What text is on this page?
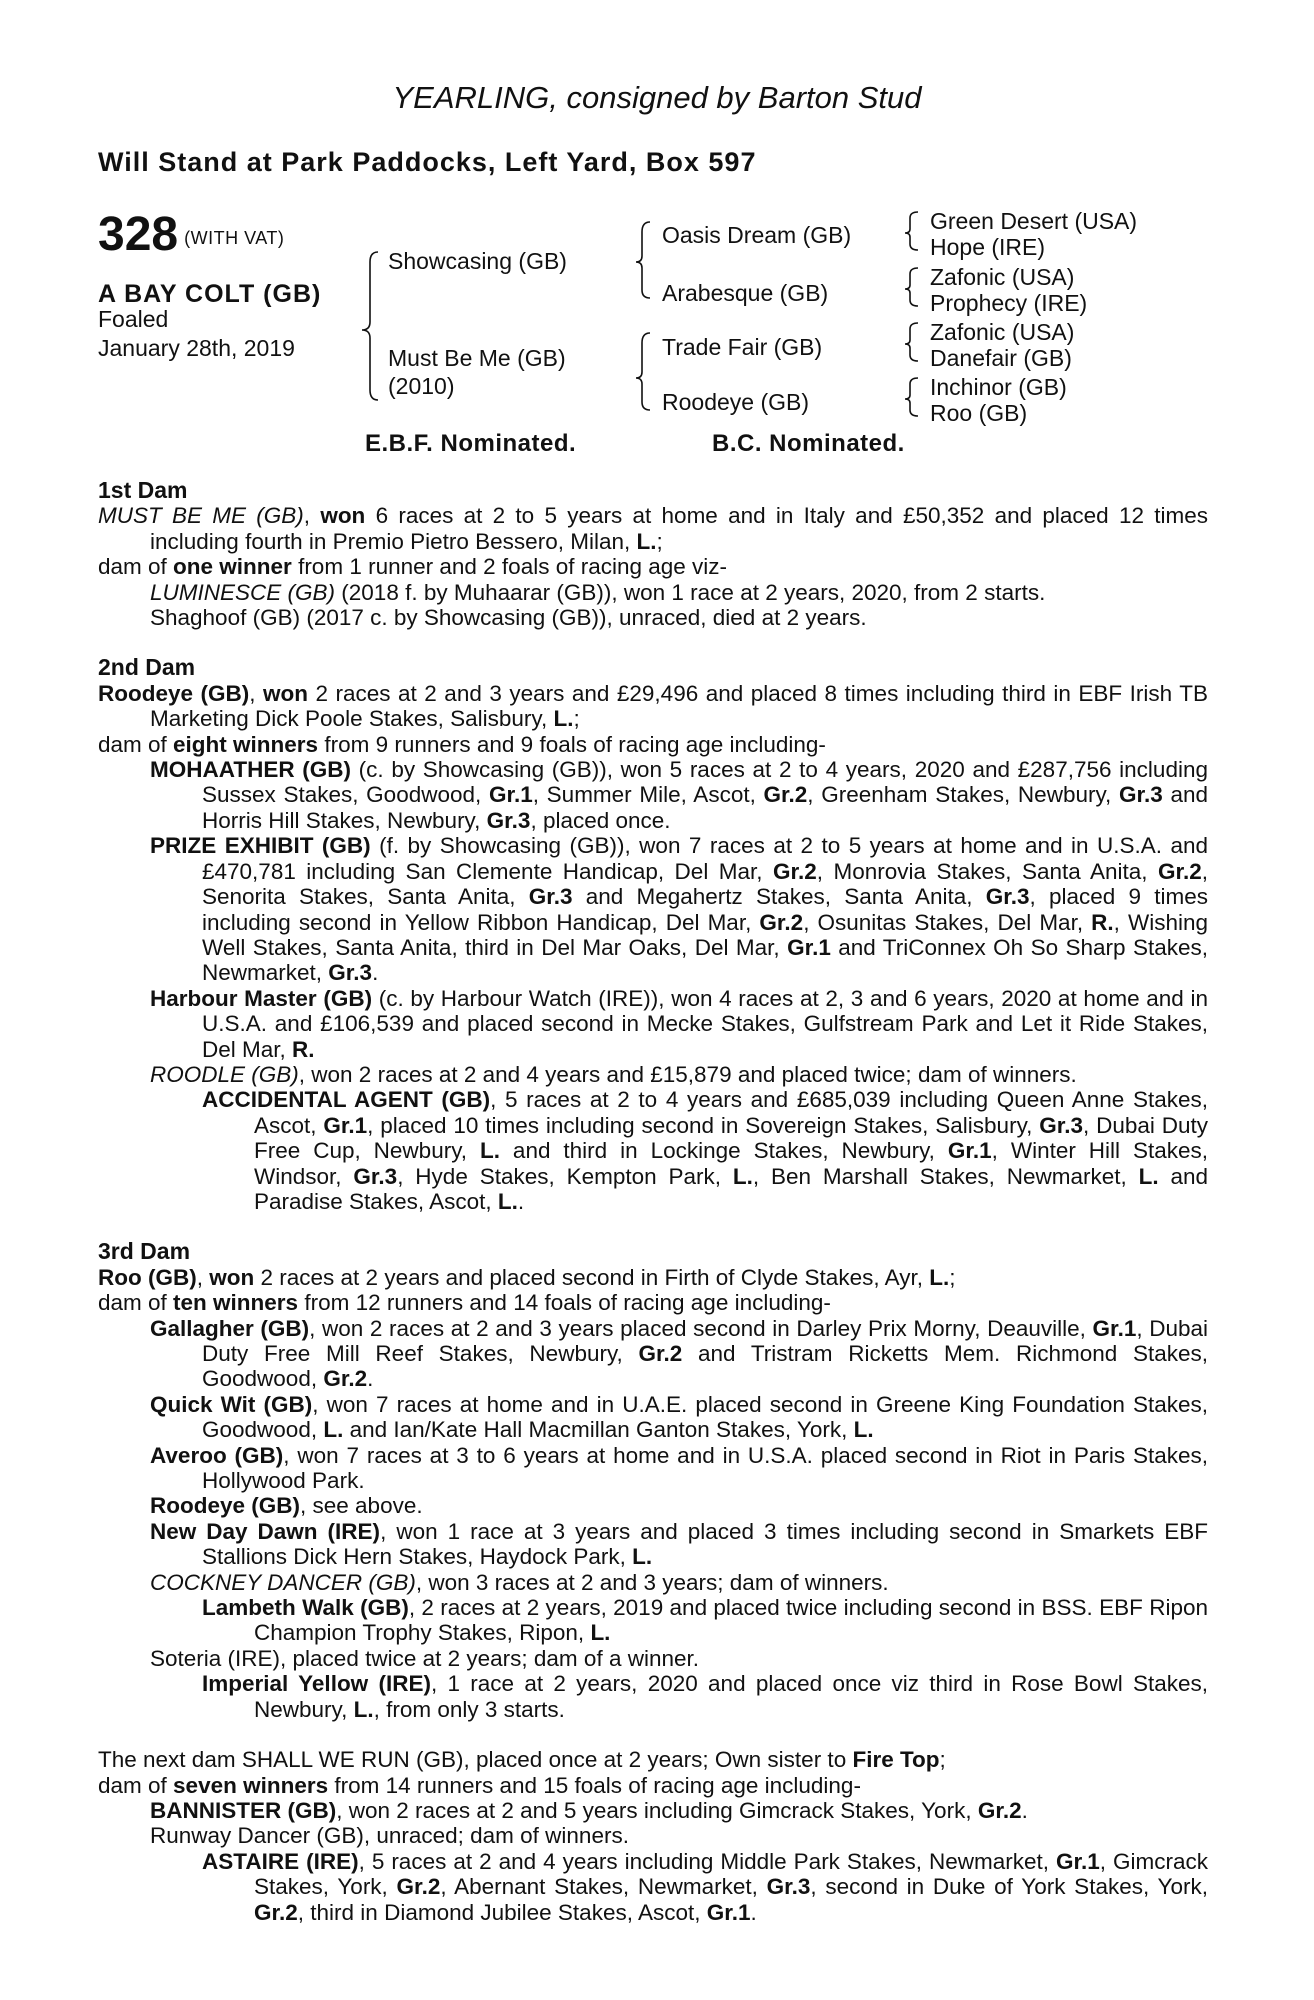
YEARLING, consigned by Barton Stud
Will Stand at Park Paddocks, Left Yard, Box 597
328 (WITH VAT)
A BAY COLT (GB)
Foaled
January 28th, 2019
Showcasing (GB)
Must Be Me (GB)
(2010)
Oasis Dream (GB)
Arabesque (GB)
Trade Fair (GB)
Roodeye (GB)
Green Desert (USA)
Hope (IRE)
Zafonic (USA)
Prophecy (IRE)
Zafonic (USA)
Danefair (GB)
Inchinor (GB)
Roo (GB)
E.B.F. Nominated.	B.C. Nominated.
1st Dam

MUST BE ME (GB), won 6 races at 2 to 5 years at home and in Italy and £50,352 and placed 12 times including fourth in Premio Pietro Bessero, Milan, L.;

dam of one winner from 1 runner and 2 foals of racing age viz-

LUMINESCE (GB) (2018 f. by Muhaarar (GB)), won 1 race at 2 years, 2020, from 2 starts.

Shaghoof (GB) (2017 c. by Showcasing (GB)), unraced, died at 2 years.

2nd Dam

Roodeye (GB), won 2 races at 2 and 3 years and £29,496 and placed 8 times including third in EBF Irish TB Marketing Dick Poole Stakes, Salisbury, L.;

dam of eight winners from 9 runners and 9 foals of racing age including-

MOHAATHER (GB) (c. by Showcasing (GB)), won 5 races at 2 to 4 years, 2020 and £287,756 including Sussex Stakes, Goodwood, Gr.1, Summer Mile, Ascot, Gr.2, Greenham Stakes, Newbury, Gr.3 and Horris Hill Stakes, Newbury, Gr.3, placed once.

PRIZE EXHIBIT (GB) (f. by Showcasing (GB)), won 7 races at 2 to 5 years at home and in U.S.A. and £470,781 including San Clemente Handicap, Del Mar, Gr.2, Monrovia Stakes, Santa Anita, Gr.2, Senorita Stakes, Santa Anita, Gr.3 and Megahertz Stakes, Santa Anita, Gr.3, placed 9 times including second in Yellow Ribbon Handicap, Del Mar, Gr.2, Osunitas Stakes, Del Mar, R., Wishing Well Stakes, Santa Anita, third in Del Mar Oaks, Del Mar, Gr.1 and TriConnex Oh So Sharp Stakes, Newmarket, Gr.3.

Harbour Master (GB) (c. by Harbour Watch (IRE)), won 4 races at 2, 3 and 6 years, 2020 at home and in U.S.A. and £106,539 and placed second in Mecke Stakes, Gulfstream Park and Let it Ride Stakes, Del Mar, R.

ROODLE (GB), won 2 races at 2 and 4 years and £15,879 and placed twice; dam of winners.

ACCIDENTAL AGENT (GB), 5 races at 2 to 4 years and £685,039 including Queen Anne Stakes, Ascot, Gr.1, placed 10 times including second in Sovereign Stakes, Salisbury, Gr.3, Dubai Duty Free Cup, Newbury, L. and third in Lockinge Stakes, Newbury, Gr.1, Winter Hill Stakes, Windsor, Gr.3, Hyde Stakes, Kempton Park, L., Ben Marshall Stakes, Newmarket, L. and Paradise Stakes, Ascot, L..

3rd Dam

Roo (GB), won 2 races at 2 years and placed second in Firth of Clyde Stakes, Ayr, L.;

dam of ten winners from 12 runners and 14 foals of racing age including-

Gallagher (GB), won 2 races at 2 and 3 years placed second in Darley Prix Morny, Deauville, Gr.1, Dubai Duty Free Mill Reef Stakes, Newbury, Gr.2 and Tristram Ricketts Mem. Richmond Stakes, Goodwood, Gr.2.

Quick Wit (GB), won 7 races at home and in U.A.E. placed second in Greene King Foundation Stakes, Goodwood, L. and Ian/Kate Hall Macmillan Ganton Stakes, York, L.

Averoo (GB), won 7 races at 3 to 6 years at home and in U.S.A. placed second in Riot in Paris Stakes, Hollywood Park.

Roodeye (GB), see above.

New Day Dawn (IRE), won 1 race at 3 years and placed 3 times including second in Smarkets EBF Stallions Dick Hern Stakes, Haydock Park, L.

COCKNEY DANCER (GB), won 3 races at 2 and 3 years; dam of winners.

Lambeth Walk (GB), 2 races at 2 years, 2019 and placed twice including second in BSS. EBF Ripon Champion Trophy Stakes, Ripon, L.

Soteria (IRE), placed twice at 2 years; dam of a winner.

Imperial Yellow (IRE), 1 race at 2 years, 2020 and placed once viz third in Rose Bowl Stakes, Newbury, L., from only 3 starts.

The next dam SHALL WE RUN (GB), placed once at 2 years; Own sister to Fire Top;

dam of seven winners from 14 runners and 15 foals of racing age including-

BANNISTER (GB), won 2 races at 2 and 5 years including Gimcrack Stakes, York, Gr.2.

Runway Dancer (GB), unraced; dam of winners.

ASTAIRE (IRE), 5 races at 2 and 4 years including Middle Park Stakes, Newmarket, Gr.1, Gimcrack Stakes, York, Gr.2, Abernant Stakes, Newmarket, Gr.3, second in Duke of York Stakes, York, Gr.2, third in Diamond Jubilee Stakes, Ascot, Gr.1.
